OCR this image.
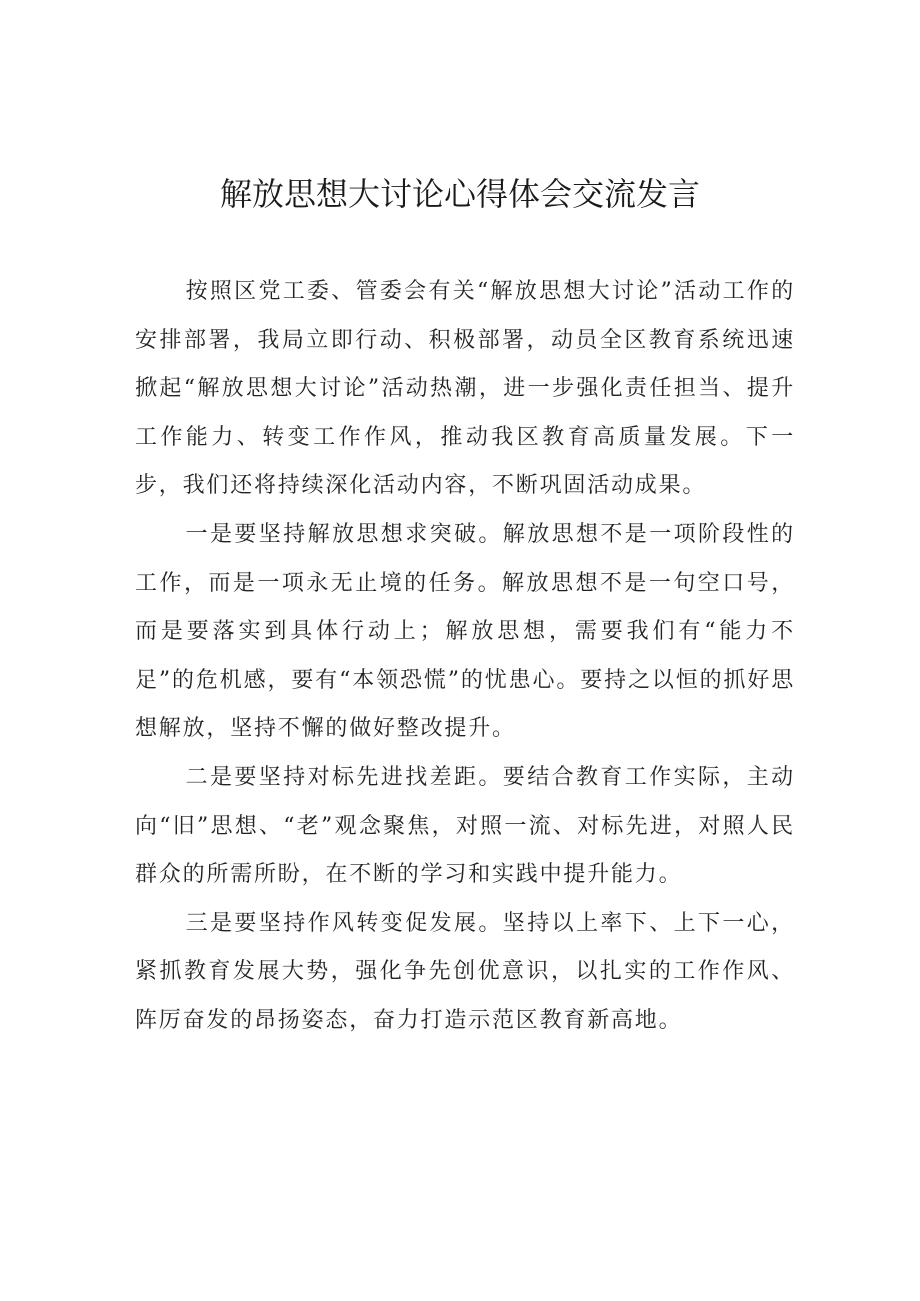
解放思想大讨论心得体会交流发言

按照区党工委、管委会有关“解放思想大讨论”活动工作的安排部署，我局立即行动、积极部署，动员全区教育系统迅速掀起“解放思想大讨论”活动热潮，进一步强化责任担当、提升工作能力、转变工作作风，推动我区教育高质量发展。下一步，我们还将持续深化活动内容，不断巩固活动成果。

一是要坚持解放思想求突破。解放思想不是一项阶段性的工作，而是一项永无止境的任务。解放思想不是一句空口号，而是要落实到具体行动上；解放思想，需要我们有“能力不足”的危机感，要有“本领恐慌”的忧患心。要持之以恒的抓好思想解放，坚持不懈的做好整改提升。

二是要坚持对标先进找差距。要结合教育工作实际，主动向“旧”思想、“老”观念聚焦，对照一流、对标先进，对照人民群众的所需所盼，在不断的学习和实践中提升能力。

三是要坚持作风转变促发展。坚持以上率下、上下一心，紧抓教育发展大势，强化争先创优意识，以扎实的工作作风、阵厉奋发的昂扬姿态，奋力打造示范区教育新高地。
